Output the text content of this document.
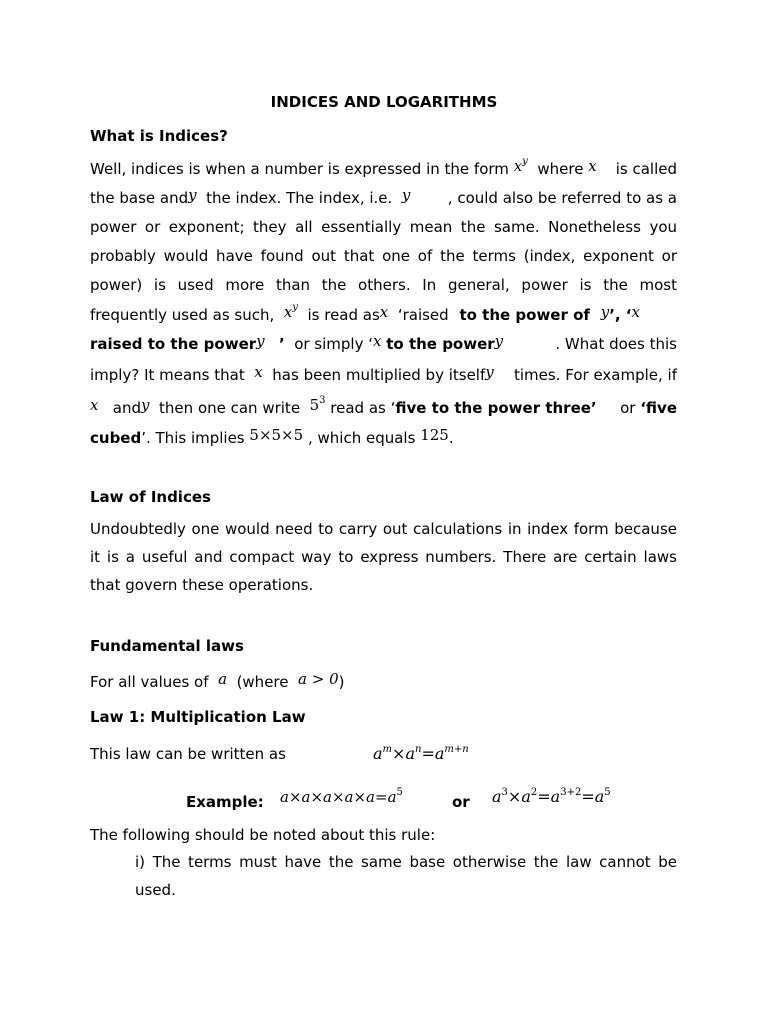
INDICES AND LOGARITHMS
What is Indices?
Well, indices is when a number is expressed in the form $x^y$ where x is called
the base andy the index. The index, i.e. y , could also be referred to as a
power or exponent; they all essentially mean the same. Nonetheless you
probably would have found out that one of the terms (index, exponent or
power) is used more than the others. In general, power is the most
frequently used as such, $x^y$ is read asx ‘raised to the power of y’, ‘x
raised to the powery ’ or simply ‘x to the powery	. What does this
imply? It means that x has been multiplied by itselfy times. For example, if
x andy then one can write $5^3$ read as ‘five to the power three’ or ‘five
cubed’. This implies 5×5×5 , which equals 125.
Law of Indices
Undoubtedly one would need to carry out calculations in index form because
it is a useful and compact way to express numbers. There are certain laws
that govern these operations.
Fundamental laws
For all values of a (where a > 0)
Law 1: Multiplication Law
This law can be written as	$a^m\times a^n=a^{m+n}$
Example: $a\times a\times a\times a\times a=a^5$
or $a^3\times a^2=a^{3+2}=a^5$
The following should be noted about this rule:
i) The terms must have the same base otherwise the law cannot be
used.
